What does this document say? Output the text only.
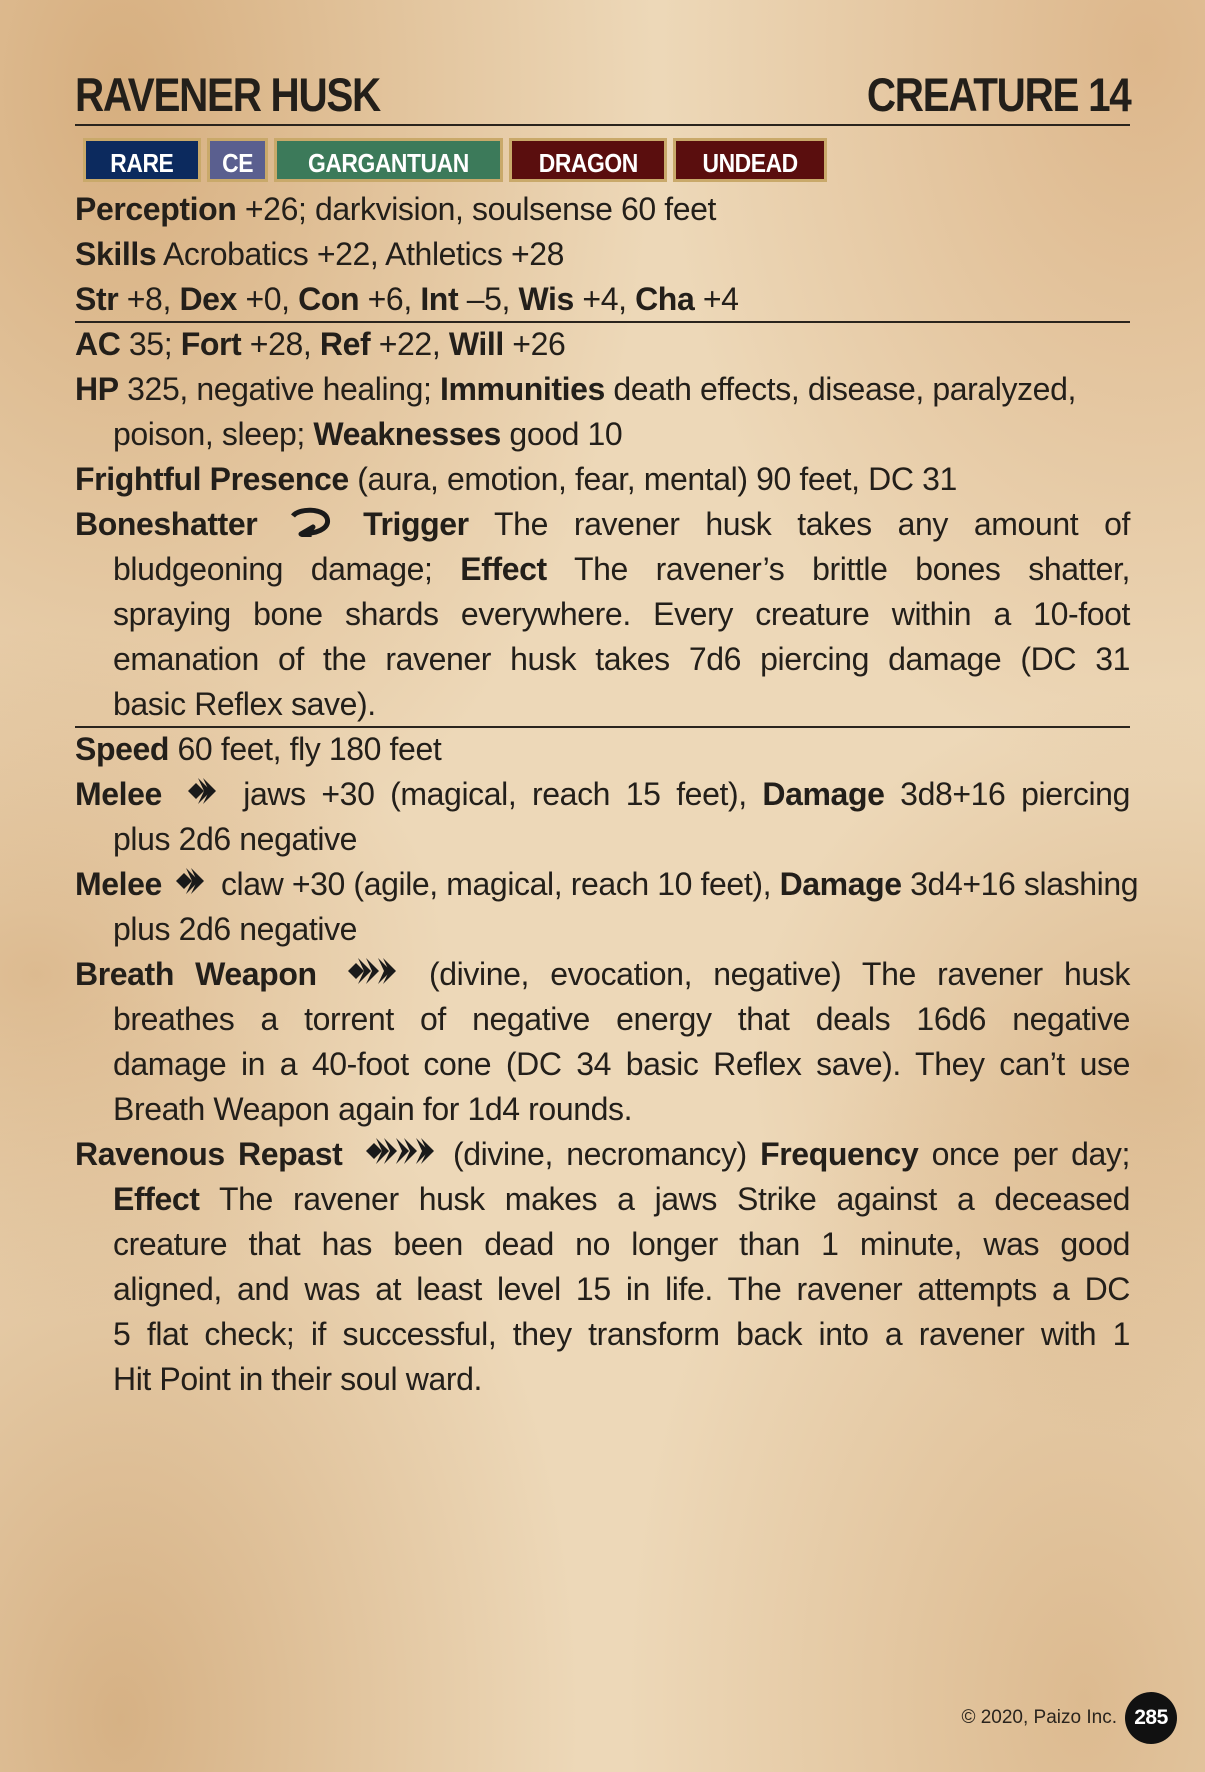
RAVENER HUSK	CREATURE 14
RARE	CE	GARGANTUAN	DRAGON	UNDEAD
Perception +26; darkvision, soulsense 60 feet
Skills Acrobatics +22, Athletics +28
Str +8, Dex +0, Con +6, Int –5, Wis +4, Cha +4
AC 35; Fort +28, Ref +22, Will +26
HP 325, negative healing; Immunities death effects, disease, paralyzed,
poison, sleep; Weaknesses good 10
Frightful Presence (aura, emotion, fear, mental) 90 feet, DC 31
Boneshatter	Trigger The ravener husk takes any amount of
bludgeoning damage; Effect The ravener’s brittle bones shatter,
spraying bone shards everywhere. Every creature within a 10-foot
emanation of the ravener husk takes 7d6 piercing damage (DC 31
basic Reflex save).
Speed 60 feet, fly 180 feet
Melee	jaws +30 (magical, reach 15 feet), Damage 3d8+16 piercing
plus 2d6 negative
Melee claw +30 (agile, magical, reach 10 feet), Damage 3d4+16 slashing
plus 2d6 negative
Breath Weapon	(divine, evocation, negative) The ravener husk
breathes a torrent of negative energy that deals 16d6 negative
damage in a 40-foot cone (DC 34 basic Reflex save). They can’t use
Breath Weapon again for 1d4 rounds.
Ravenous Repast	(divine, necromancy) Frequency once per day;
Effect The ravener husk makes a jaws Strike against a deceased
creature that has been dead no longer than 1 minute, was good
aligned, and was at least level 15 in life. The ravener attempts a DC
5 flat check; if successful, they transform back into a ravener with 1
Hit Point in their soul ward.
© 2020, Paizo Inc. 285
